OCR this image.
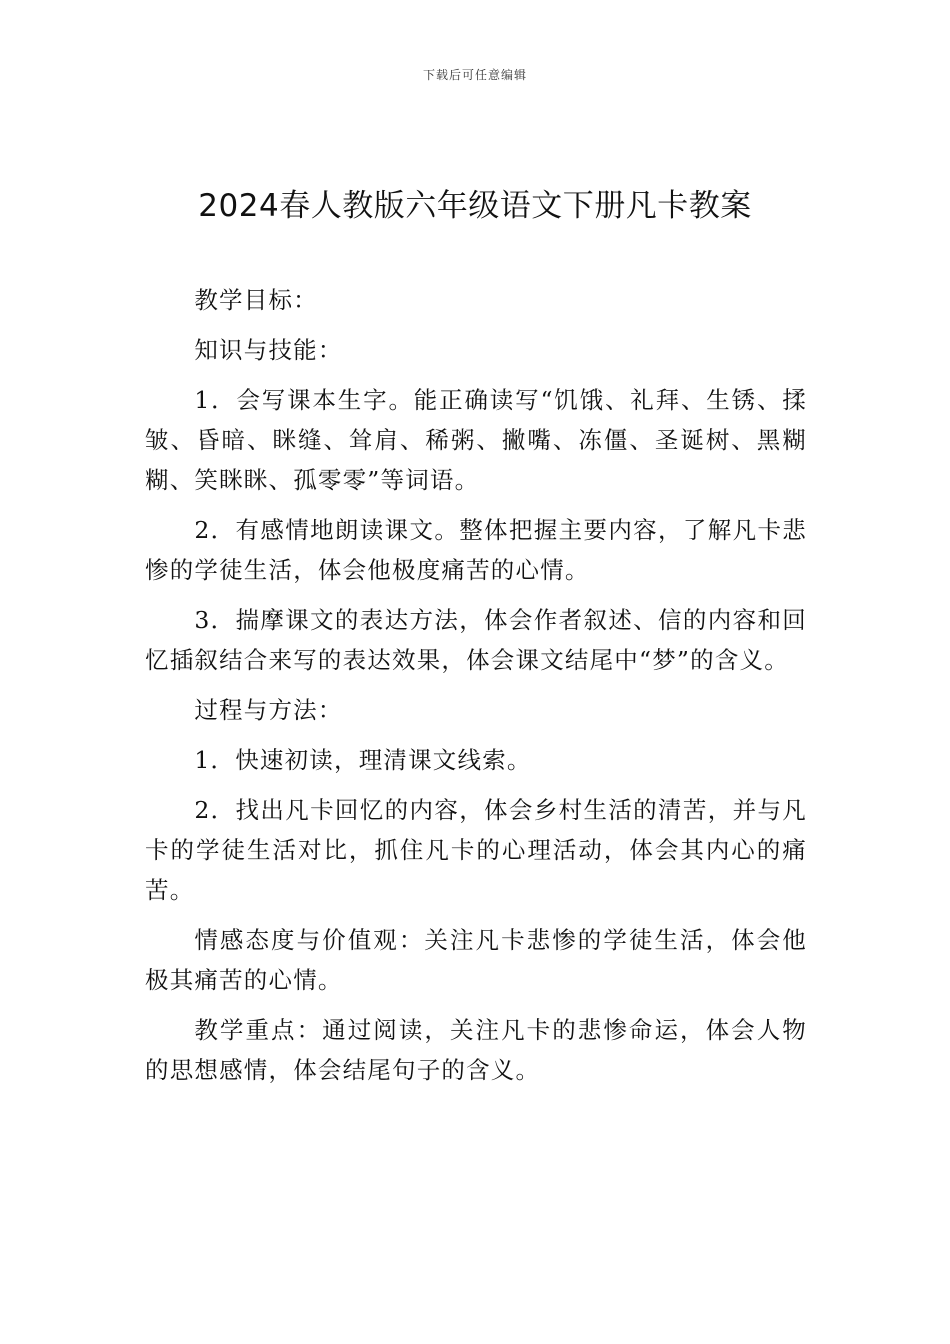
下载后可任意编辑
2024春人教版六年级语文下册凡卡教案

教学目标：

知识与技能：

1．会写课本生字。能正确读写“饥饿、礼拜、生锈、揉皱、昏暗、眯缝、耸肩、稀粥、撇嘴、冻僵、圣诞树、黑糊糊、笑眯眯、孤零零”等词语。

2．有感情地朗读课文。整体把握主要内容，了解凡卡悲惨的学徒生活，体会他极度痛苦的心情。

3．揣摩课文的表达方法，体会作者叙述、信的内容和回忆插叙结合来写的表达效果，体会课文结尾中“梦”的含义。

过程与方法：

1．快速初读，理清课文线索。

2．找出凡卡回忆的内容，体会乡村生活的清苦，并与凡卡的学徒生活对比，抓住凡卡的心理活动，体会其内心的痛苦。

情感态度与价值观：关注凡卡悲惨的学徒生活，体会他极其痛苦的心情。

教学重点：通过阅读，关注凡卡的悲惨命运，体会人物的思想感情，体会结尾句子的含义。
